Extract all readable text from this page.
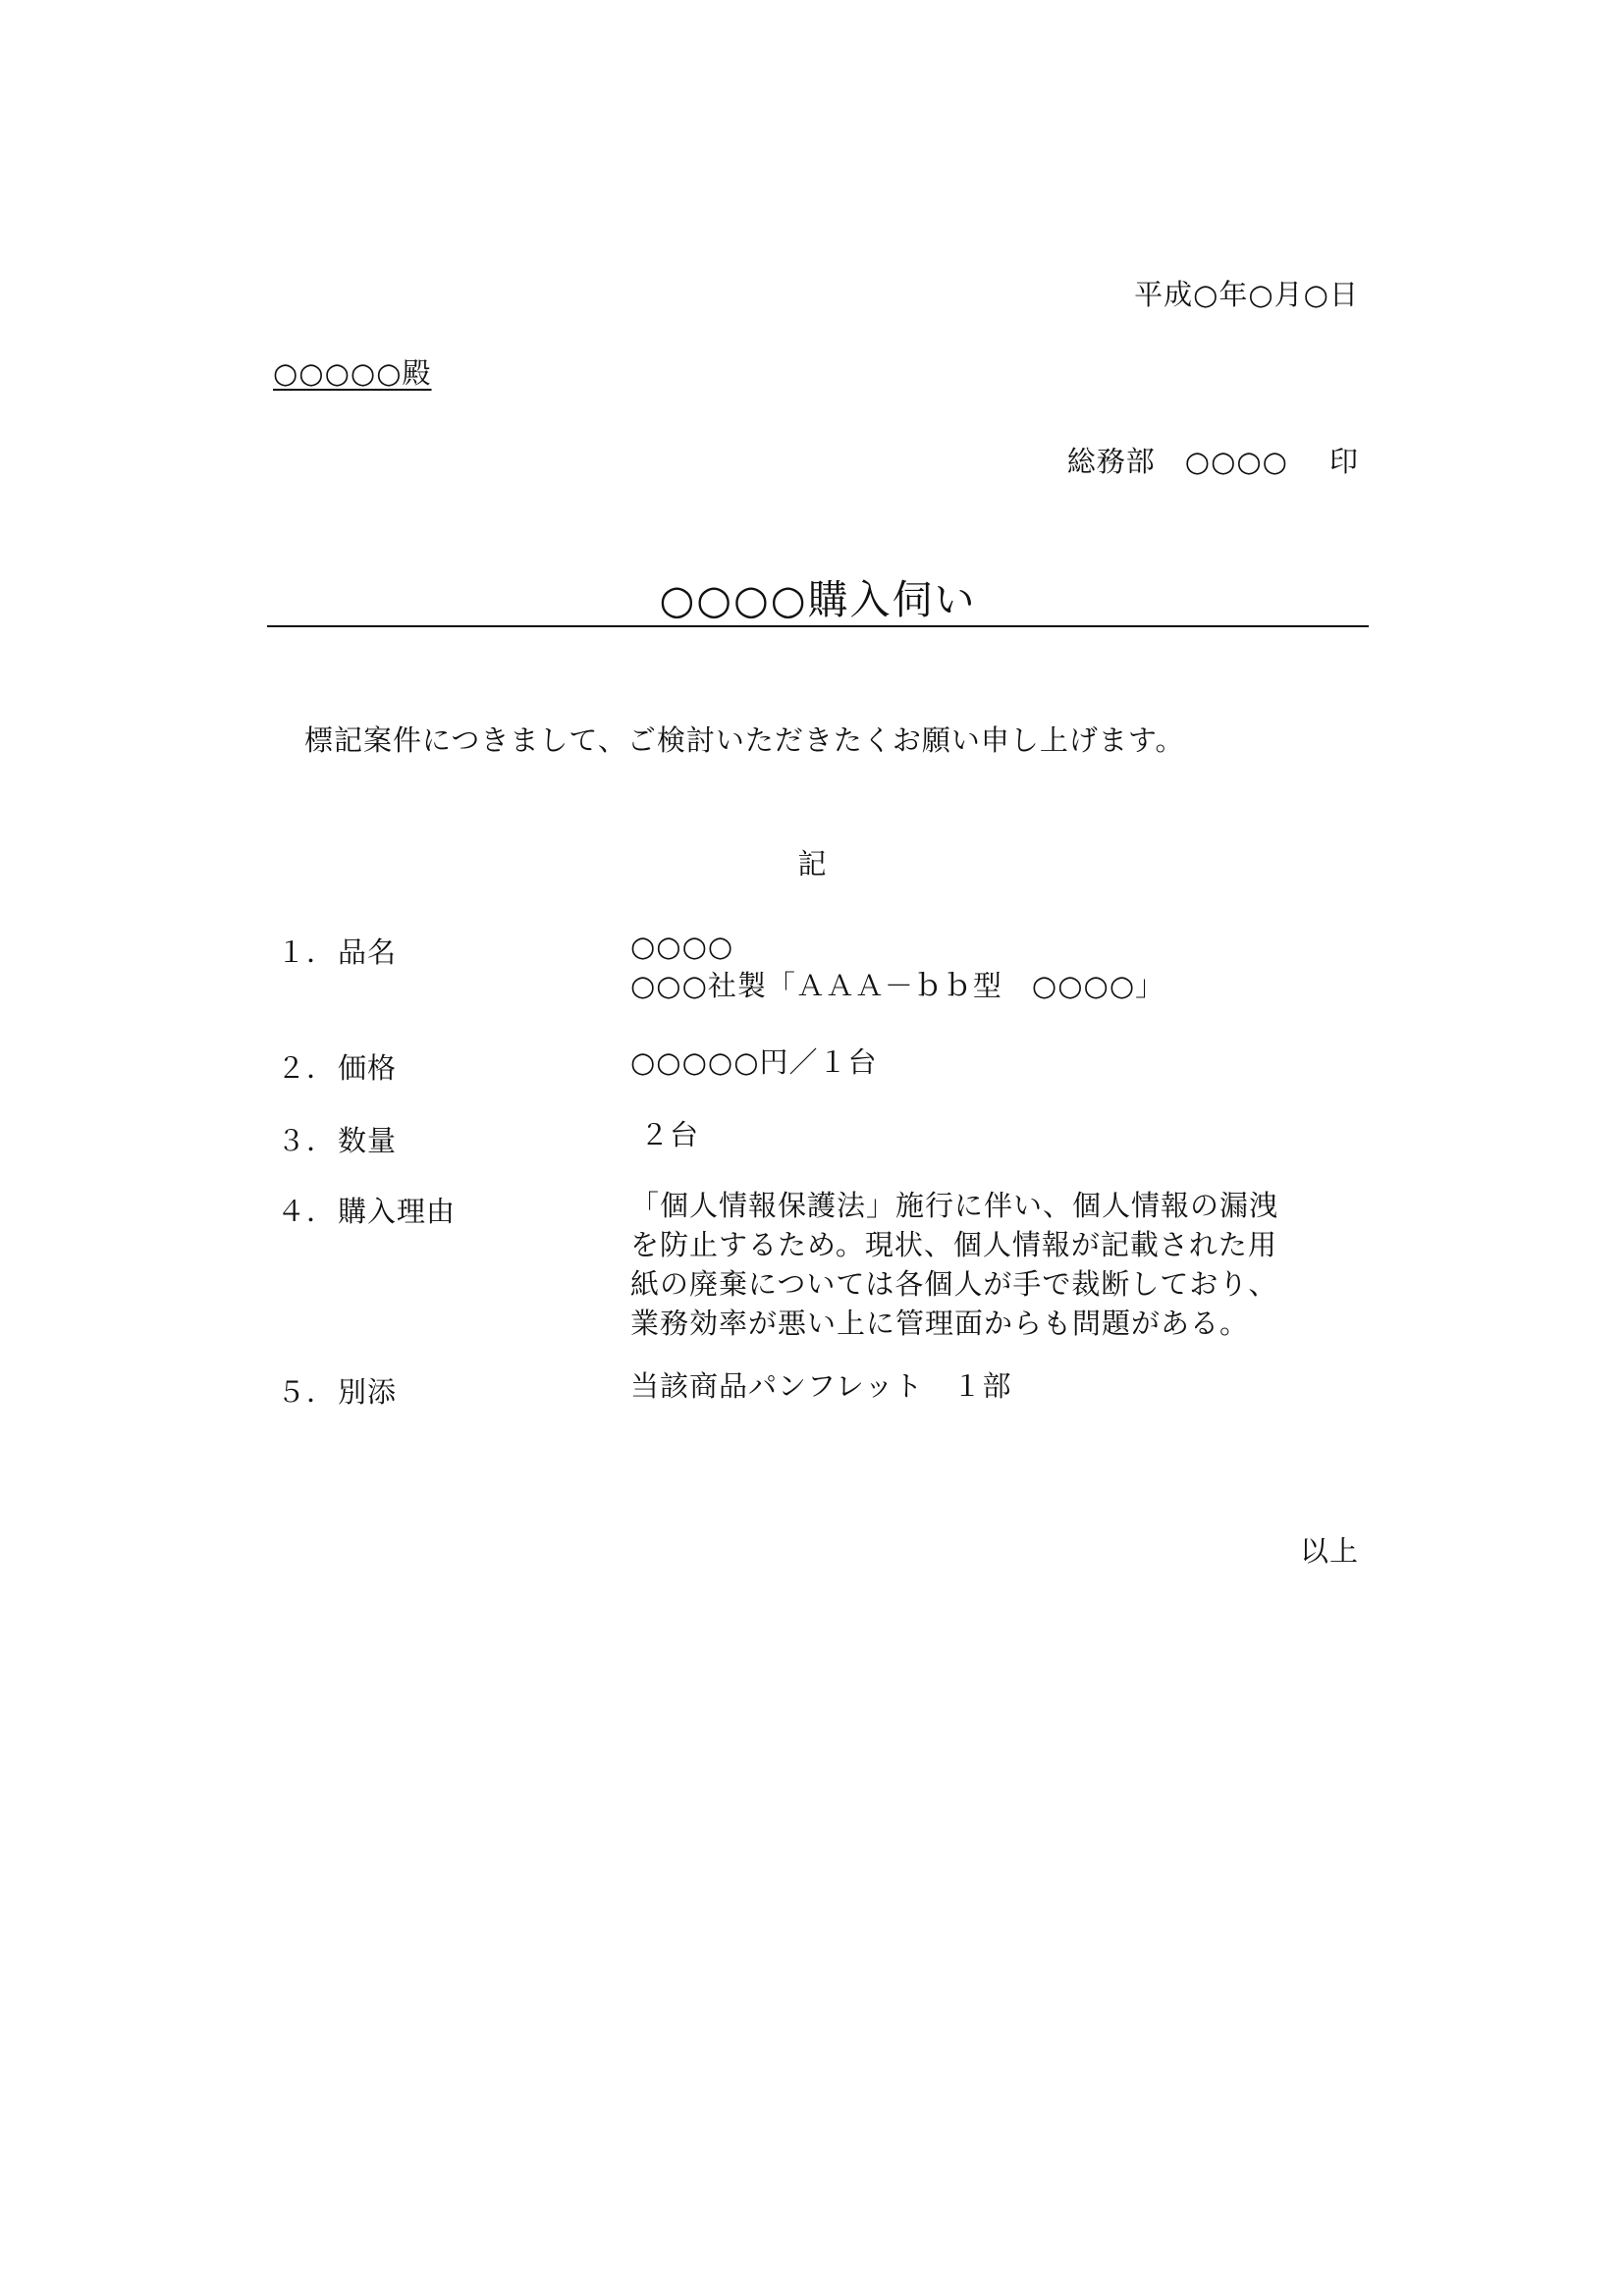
平成○年○月○日
○○○○○殿
総務部　 ○○○○ 印
○○○○購入伺い
標記案件につきまして、ご検討いただきたくお願い申し上げます。
記
１．品名	○○○○
○○○社製「ＡＡＡ－ｂｂ型　○○○○」
２．価格	○○○○○円／１台
３．数量	２台
４．購入理由	「個人情報保護法」施行に伴い、個人情報の漏洩
を防止するため。現状、個人情報が記載された用
紙の廃棄については各個人が手で裁断しており、
業務効率が悪い上に管理面からも問題がある。
５．別添	当該商品パンフレット　１部
以上
